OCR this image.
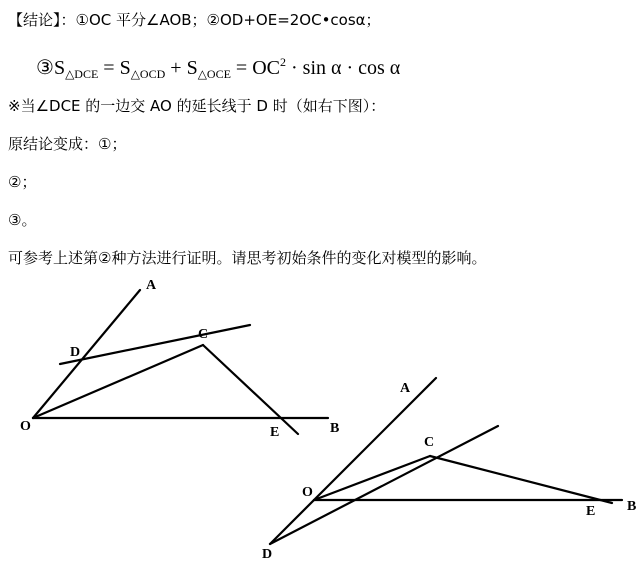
【结论】：①OC 平分∠AOB；②OD+OE=2OC•cosα；
$③S_{\triangle DCE} = S_{\triangle OCD} + S_{\triangle OCE} = OC^2 \cdot \sin \alpha \cdot \cos \alpha$
※当∠DCE 的一边交 AO 的延长线于 D 时（如右下图）：
原结论变成：①；
②；
③。
可参考上述第②种方法进行证明。请思考初始条件的变化对模型的影响。
A
B
C
D
E
O
A
B
C
D
E
O
